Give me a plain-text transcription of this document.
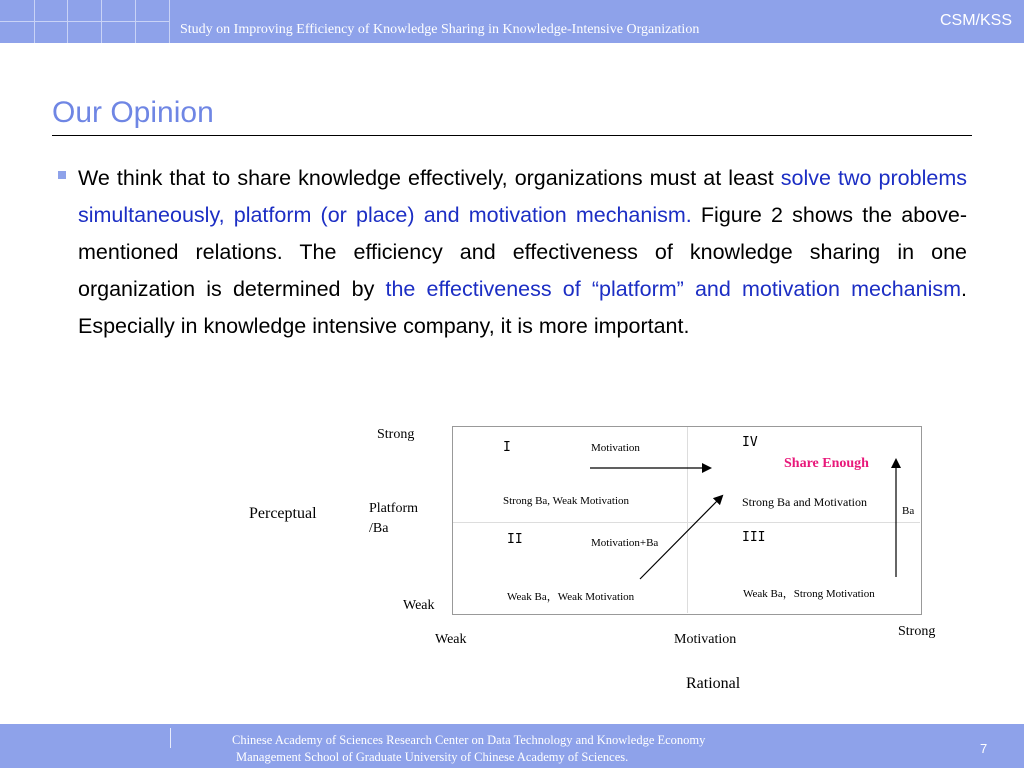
Study on Improving Efficiency of Knowledge Sharing in Knowledge-Intensive Organization
CSM/KSS
Our Opinion

We think that to share knowledge effectively, organizations must at least solve two problems simultaneously, platform (or place) and motivation mechanism. Figure 2 shows the above-mentioned relations. The efficiency and effectiveness of knowledge sharing in one organization is determined by the effectiveness of “platform” and motivation mechanism. Especially in knowledge intensive company, it is more important.

Strong
Weak
Platform
/Ba
Perceptual
Weak
Strong
Motivation
Rational
I	Motivation
Strong Ba, Weak Motivation
II	Motivation+Ba
Weak Ba，Weak Motivation
III
Weak Ba，Strong Motivation
IV
Share Enough
Strong Ba and Motivation
Ba
Chinese Academy of Sciences Research Center on Data Technology and Knowledge Economy
Management School of Graduate University of Chinese Academy of Sciences.
7
